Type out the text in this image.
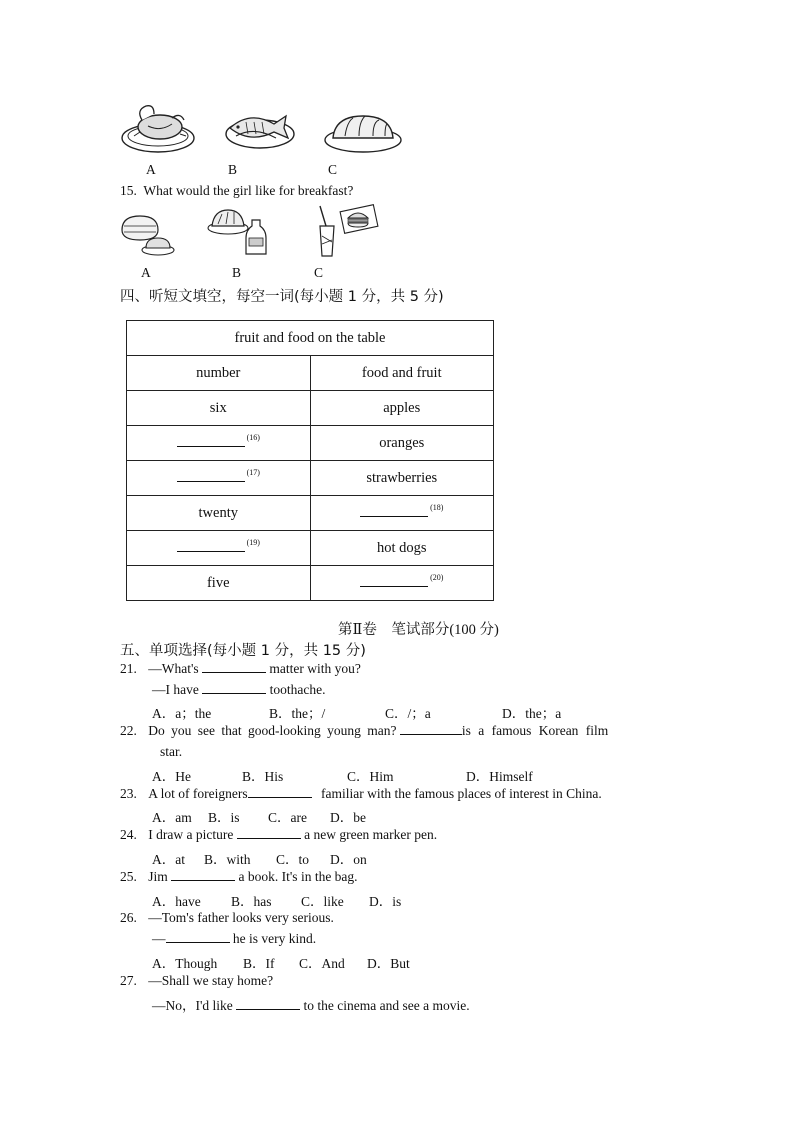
A	B	C
15. What would the girl like for breakfast?
A	B	C
四、听短文填空，每空一词(每小题 1 分，共 5 分)
fruit and food on the table	
number	food and fruit
six	apples
$^{(16)}$	oranges
$^{(17)}$	strawberries
twenty	$^{(18)}$
$^{(19)}$	hot dogs
five	$^{(20)}$
第Ⅱ卷　笔试部分(100 分)
五、单项选择(每小题 1 分，共 15 分)
21. —What's	matter with you?
—I have	toothache.
A．a；the	B．the；/	C．/；a	D．the；a
22. Do you see that good-looking young man?	is a famous Korean film
star.
A．He	B．His	C．Him	D．Himself
23. A lot of foreigners	familiar with the famous places of interest in China.
A．am B．is C．are D．be
24. I draw a picture	a new green marker pen.
A．at B．with C．to D．on
25. Jim	a book. It's in the bag.
A．have B．has C．like D．is
26. —Tom's father looks very serious.
—	he is very kind.
A．Though B．If C．And D．But
27. —Shall we stay home?
—No，I'd like	to the cinema and see a movie.
